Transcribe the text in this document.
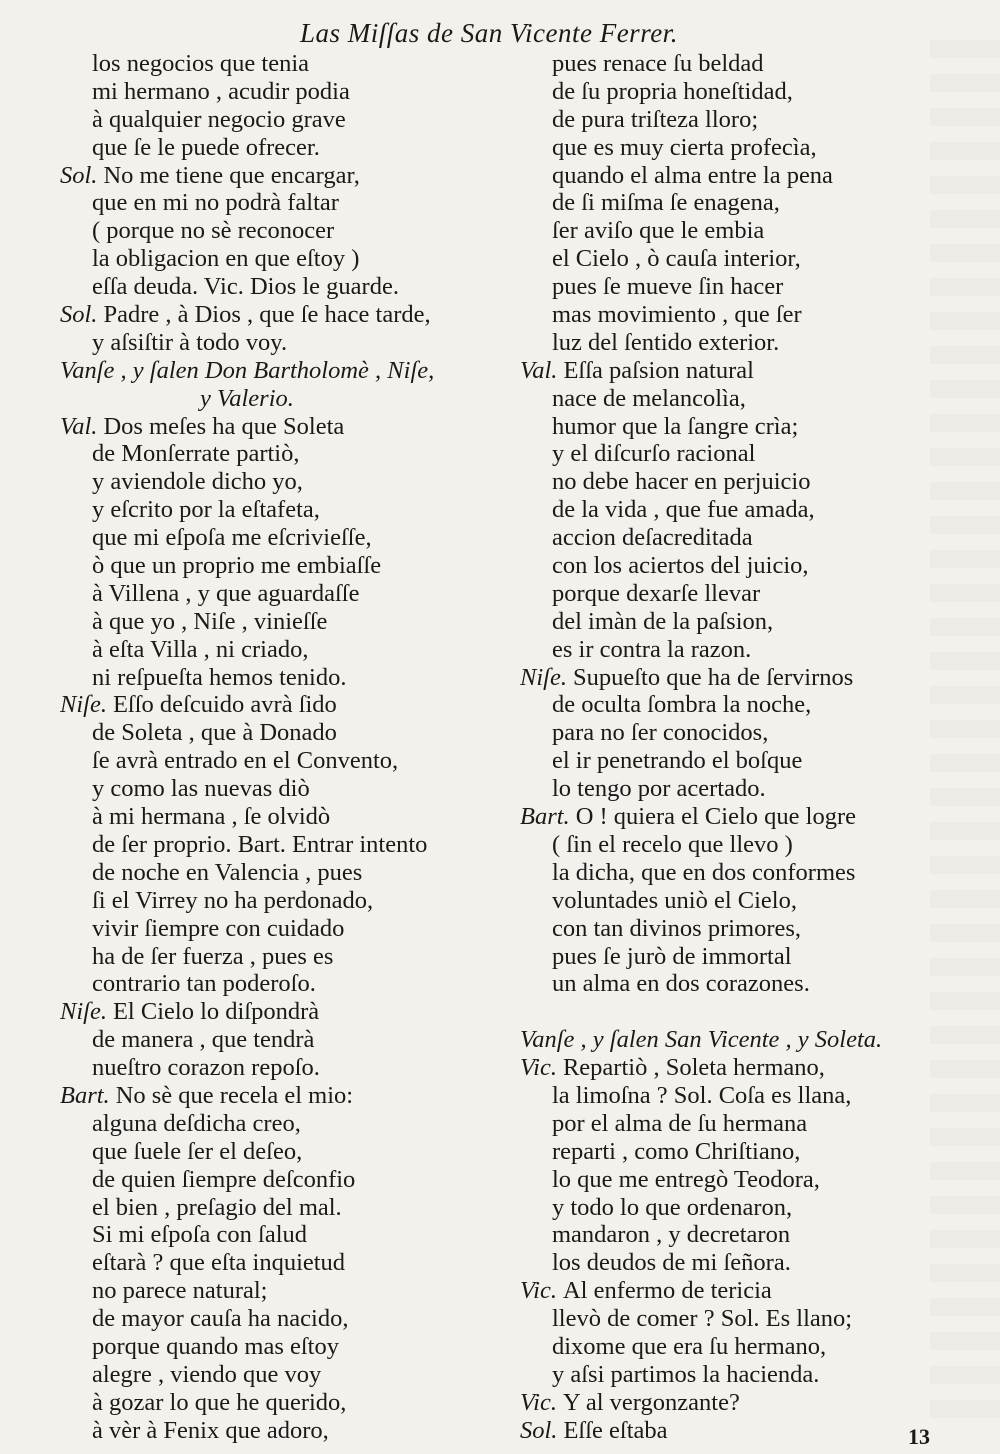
Las Miſſas de San Vicente Ferrer.
los negocios que tenia
mi hermano , acudir podia
à qualquier negocio grave
que ſe le puede ofrecer.
Sol. No me tiene que encargar,
que en mi no podrà faltar
( porque no sè reconocer
la obligacion en que eſtoy )
eſſa deuda. Vic. Dios le guarde.
Sol. Padre , à Dios , que ſe hace tarde,
y aſsiſtir à todo voy.
Vanſe , y ſalen Don Bartholomè , Niſe,
y Valerio.
Val. Dos meſes ha que Soleta
de Monſerrate partiò,
y aviendole dicho yo,
y eſcrito por la eſtafeta,
que mi eſpoſa me eſcrivieſſe,
ò que un proprio me embiaſſe
à Villena , y que aguardaſſe
à que yo , Niſe , vinieſſe
à eſta Villa , ni criado,
ni reſpueſta hemos tenido.
Niſe. Eſſo deſcuido avrà ſido
de Soleta , que à Donado
ſe avrà entrado en el Convento,
y como las nuevas diò
à mi hermana , ſe olvidò
de ſer proprio. Bart. Entrar intento
de noche en Valencia , pues
ſi el Virrey no ha perdonado,
vivir ſiempre con cuidado
ha de ſer fuerza , pues es
contrario tan poderoſo.
Niſe. El Cielo lo diſpondrà
de manera , que tendrà
nueſtro corazon repoſo.
Bart. No sè que recela el mio:
alguna deſdicha creo,
que ſuele ſer el deſeo,
de quien ſiempre deſconfio
el bien , preſagio del mal.
Si mi eſpoſa con ſalud
eſtarà ? que eſta inquietud
no parece natural;
de mayor cauſa ha nacido,
porque quando mas eſtoy
alegre , viendo que voy
à gozar lo que he querido,
à vèr à Fenix que adoro,
pues renace ſu beldad
de ſu propria honeſtidad,
de pura triſteza lloro;
que es muy cierta profecìa,
quando el alma entre la pena
de ſi miſma ſe enagena,
ſer aviſo que le embia
el Cielo , ò cauſa interior,
pues ſe mueve ſin hacer
mas movimiento , que ſer
luz del ſentido exterior.
Val. Eſſa paſsion natural
nace de melancolìa,
humor que la ſangre crìa;
y el diſcurſo racional
no debe hacer en perjuicio
de la vida , que fue amada,
accion deſacreditada
con los aciertos del juicio,
porque dexarſe llevar
del imàn de la paſsion,
es ir contra la razon.
Niſe. Supueſto que ha de ſervirnos
de oculta ſombra la noche,
para no ſer conocidos,
el ir penetrando el boſque
lo tengo por acertado.
Bart. O ! quiera el Cielo que logre
( ſin el recelo que llevo )
la dicha, que en dos conformes
voluntades uniò el Cielo,
con tan divinos primores,
pues ſe jurò de immortal
un alma en dos corazones.
Vanſe , y ſalen San Vicente , y Soleta.
Vic. Repartiò , Soleta hermano,
la limoſna ? Sol. Coſa es llana,
por el alma de ſu hermana
reparti , como Chriſtiano,
lo que me entregò Teodora,
y todo lo que ordenaron,
mandaron , y decretaron
los deudos de mi ſeñora.
Vic. Al enfermo de tericia
llevò de comer ? Sol. Es llano;
dixome que era ſu hermano,
y aſsi partimos la hacienda.
Vic. Y al vergonzante?
Sol. Eſſe eſtaba	13
